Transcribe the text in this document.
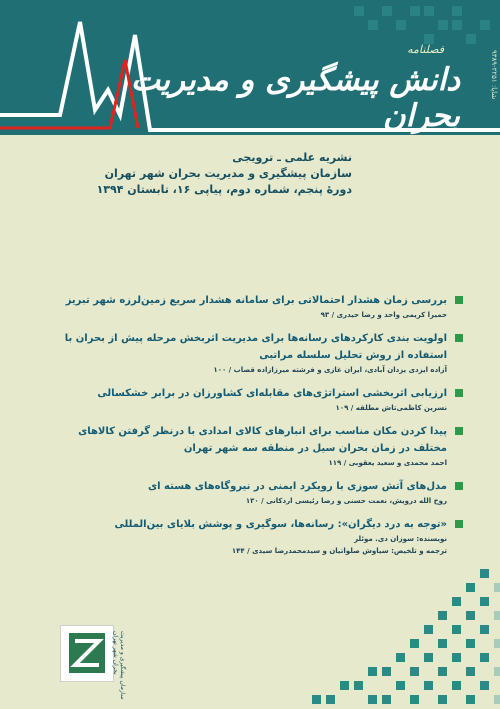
فصلنامه
دانش پیشگیری و مدیریت بحران
شاپا: ۲۲۵۱-۹۳۸۹
نشریه علمی ـ ترویجی
سازمان پیشگیری و مدیریت بحران شهر تهران
دورهٔ پنجم، شماره دوم، پیاپی ۱۶، تابستان ۱۳۹۴
بررسی زمان هشدار احتمالاتی برای سامانه هشدار سریع زمین‌لرزه شهر تبریز
حمیرا کریمی واحد و رضا حیدری / ۹۳
اولویت بندی کارکردهای رسانه‌ها برای مدیریت اثربخش مرحله پیش از بحران با استفاده از روش تحلیل سلسله مراتبی
آزاده ایزدی یزدان آبادی، ایران غازی و فرشته میرزازاده قصاب / ۱۰۰
ارزیابی اثربخشی استراتژی‌های مقابله‌ای کشاورزان در برابر خشکسالی
نسرین کاظمی‌تاش مطلقه / ۱۰۹
پیدا کردن مکان مناسب برای انبارهای کالای امدادی با درنظر گرفتن کالاهای مختلف در زمان بحران سیل در منطقه سه شهر تهران
احمد محمدی و سعید یعقوبی / ۱۱۹
مدل‌های آتش سوزی با رویکرد ایمنی در نیروگاه‌های هسته ای
روح الله درویش، نعمت حسنی و رضا رئیسی اردکانی / ۱۳۰
«توجه به درد دیگران»: رسانه‌ها، سوگیری و پوشش بلایای بین‌المللی
نویسنده: سوزان دی. موئلر
ترجمه و تلخیص: سیاوش صلواتیان و سیدمحمدرضا سیدی / ۱۴۴
سازمان پیشگیری و مدیریت بحران شهر تهران
